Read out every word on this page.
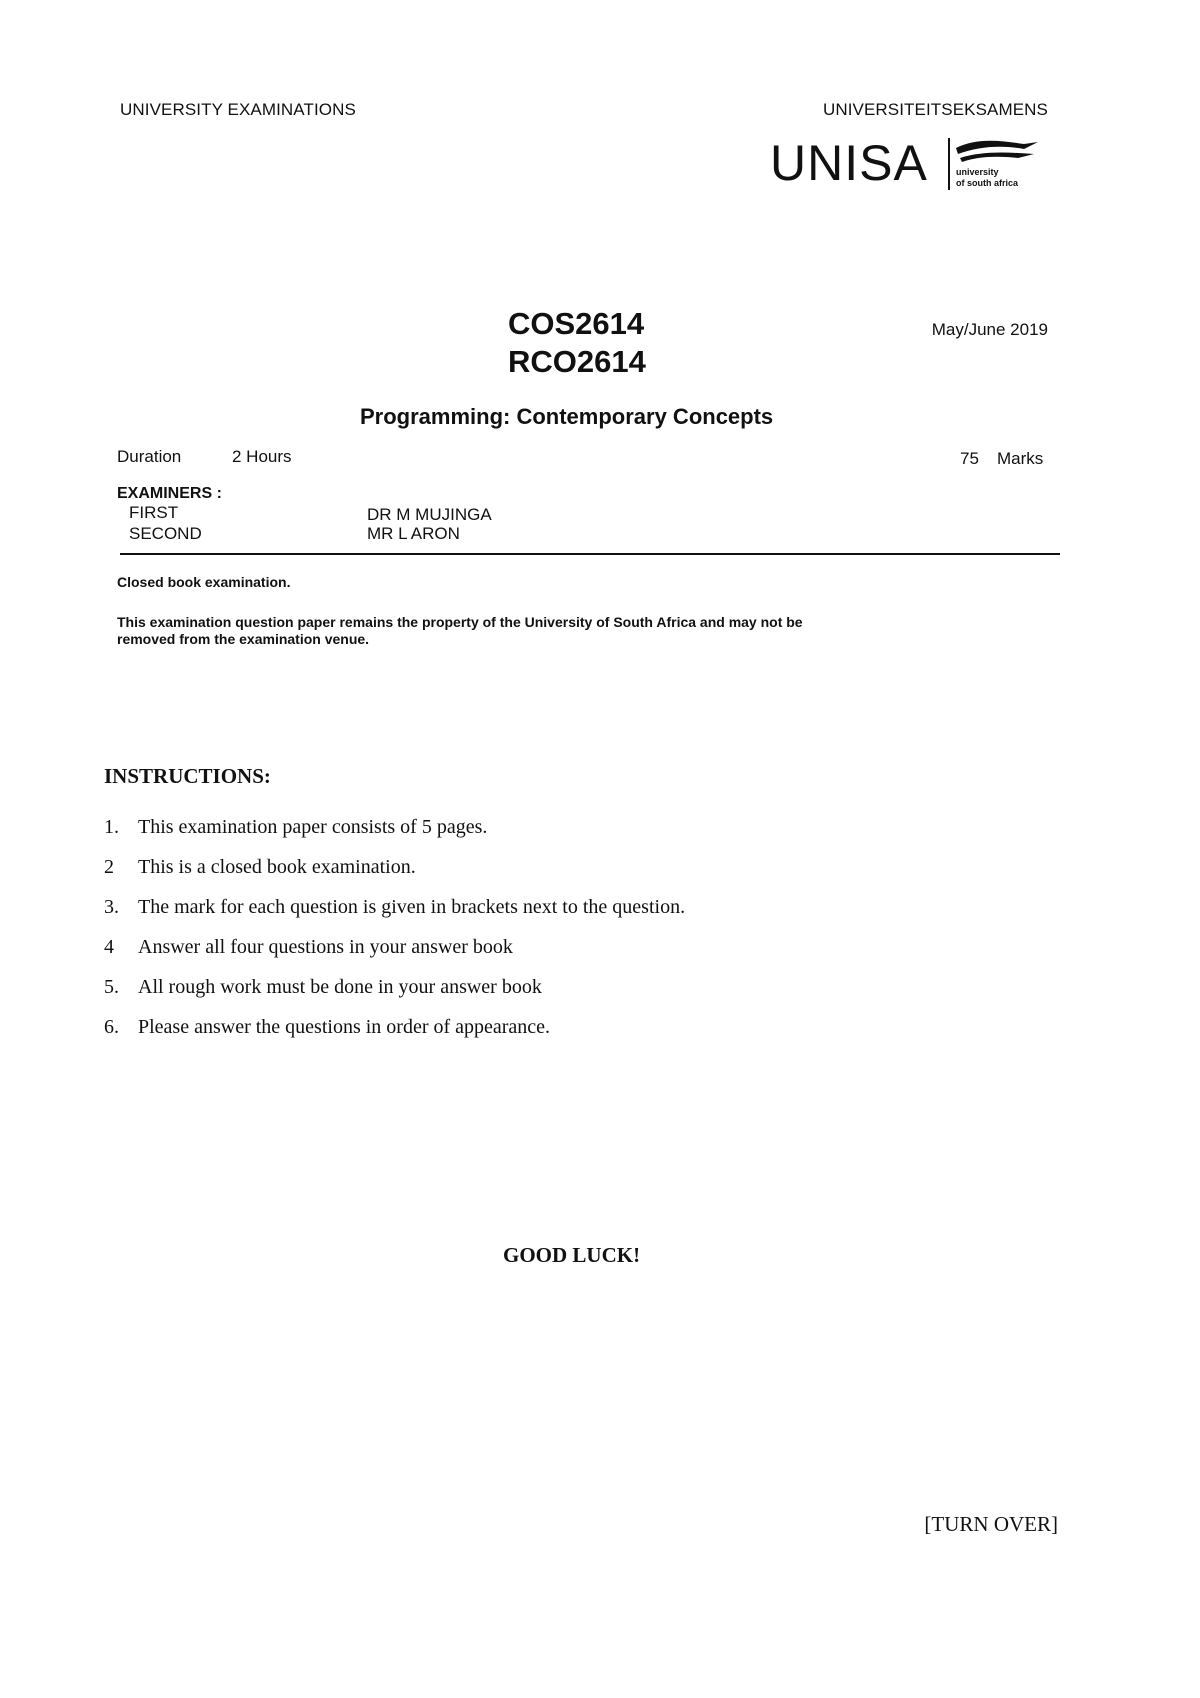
UNIVERSITY EXAMINATIONS	UNIVERSITEITSEKSAMENS
UNISA	university
of south africa
COS2614
RCO2614
May/June 2019
Programming: Contemporary Concepts
Duration	2 Hours	75 Marks
EXAMINERS :
FIRST	DR M MUJINGA
SECOND	MR L ARON
Closed book examination.
This examination question paper remains the property of the University of South Africa and may not be
removed from the examination venue.
INSTRUCTIONS:
1. This examination paper consists of 5 pages.
2 This is a closed book examination.
3. The mark for each question is given in brackets next to the question.
4 Answer all four questions in your answer book
5. All rough work must be done in your answer book
6. Please answer the questions in order of appearance.
GOOD LUCK!
[TURN OVER]
